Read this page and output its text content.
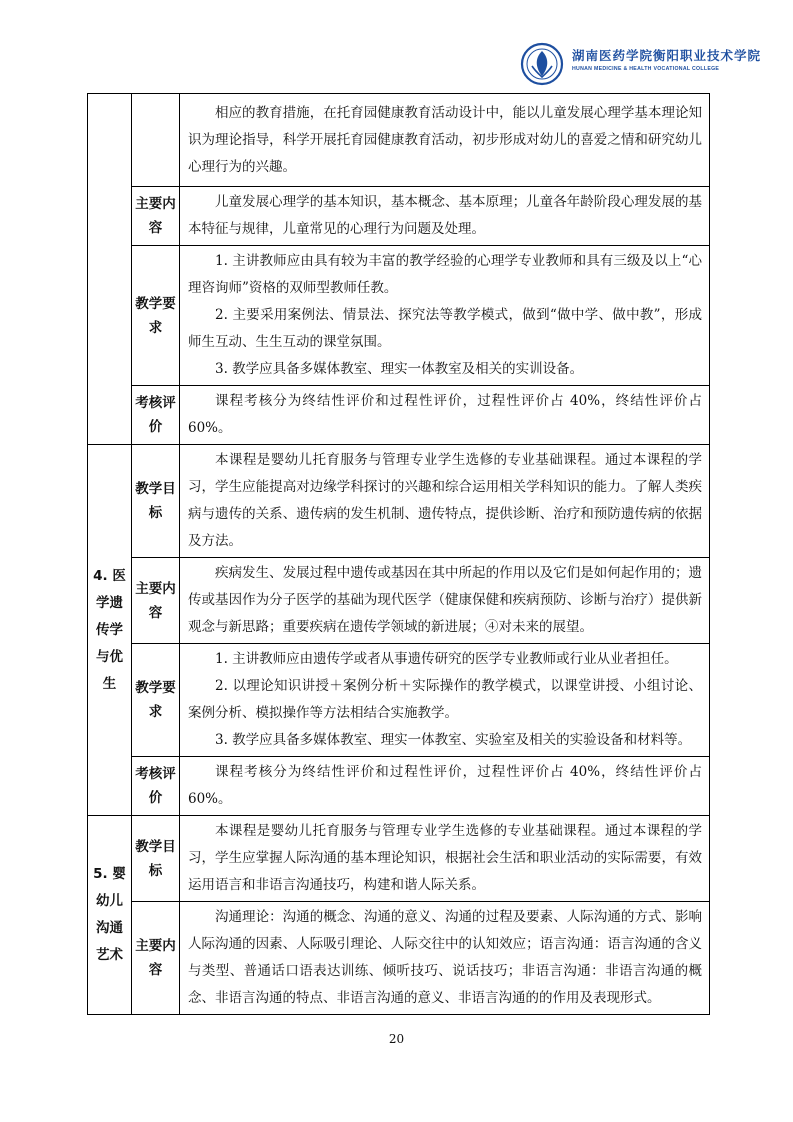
湖南医药学院衡阳职业技术学院
HUNAN MEDICINE & HEALTH VOCATIONAL COLLEGE

		相应的教育措施，在托育园健康教育活动设计中，能以儿童发展心理学基本理论知识为理论指导，科学开展托育园健康教育活动，初步形成对幼儿的喜爱之情和研究幼儿心理行为的兴趣。

	主要内容	儿童发展心理学的基本知识，基本概念、基本原理；儿童各年龄阶段心理发展的基本特征与规律，儿童常见的心理行为问题及处理。

	教学要求	1. 主讲教师应由具有较为丰富的教学经验的心理学专业教师和具有三级及以上“心理咨询师”资格的双师型教师任教。

2. 主要采用案例法、情景法、探究法等教学模式，做到“做中学、做中教”，形成师生互动、生生互动的课堂氛围。

3. 教学应具备多媒体教室、理实一体教室及相关的实训设备。

	考核评价	课程考核分为终结性评价和过程性评价，过程性评价占 40%，终结性评价占 60%。

4. 医学遗传学与优生	教学目标	本课程是婴幼儿托育服务与管理专业学生选修的专业基础课程。通过本课程的学习，学生应能提高对边缘学科探讨的兴趣和综合运用相关学科知识的能力。了解人类疾病与遗传的关系、遗传病的发生机制、遗传特点，提供诊断、治疗和预防遗传病的依据及方法。

	主要内容	疾病发生、发展过程中遗传或基因在其中所起的作用以及它们是如何起作用的；遗传或基因作为分子医学的基础为现代医学（健康保健和疾病预防、诊断与治疗）提供新观念与新思路；重要疾病在遗传学领域的新进展；④对未来的展望。

	教学要求	1. 主讲教师应由遗传学或者从事遗传研究的医学专业教师或行业从业者担任。

2. 以理论知识讲授＋案例分析＋实际操作的教学模式，以课堂讲授、小组讨论、案例分析、模拟操作等方法相结合实施教学。

3. 教学应具备多媒体教室、理实一体教室、实验室及相关的实验设备和材料等。

	考核评价	课程考核分为终结性评价和过程性评价，过程性评价占 40%，终结性评价占 60%。

5. 婴幼儿沟通艺术	教学目标	本课程是婴幼儿托育服务与管理专业学生选修的专业基础课程。通过本课程的学习，学生应掌握人际沟通的基本理论知识，根据社会生活和职业活动的实际需要，有效运用语言和非语言沟通技巧，构建和谐人际关系。

	主要内容	沟通理论：沟通的概念、沟通的意义、沟通的过程及要素、人际沟通的方式、影响人际沟通的因素、人际吸引理论、人际交往中的认知效应；语言沟通：语言沟通的含义与类型、普通话口语表达训练、倾听技巧、说话技巧；非语言沟通：非语言沟通的概念、非语言沟通的特点、非语言沟通的意义、非语言沟通的的作用及表现形式。

20
